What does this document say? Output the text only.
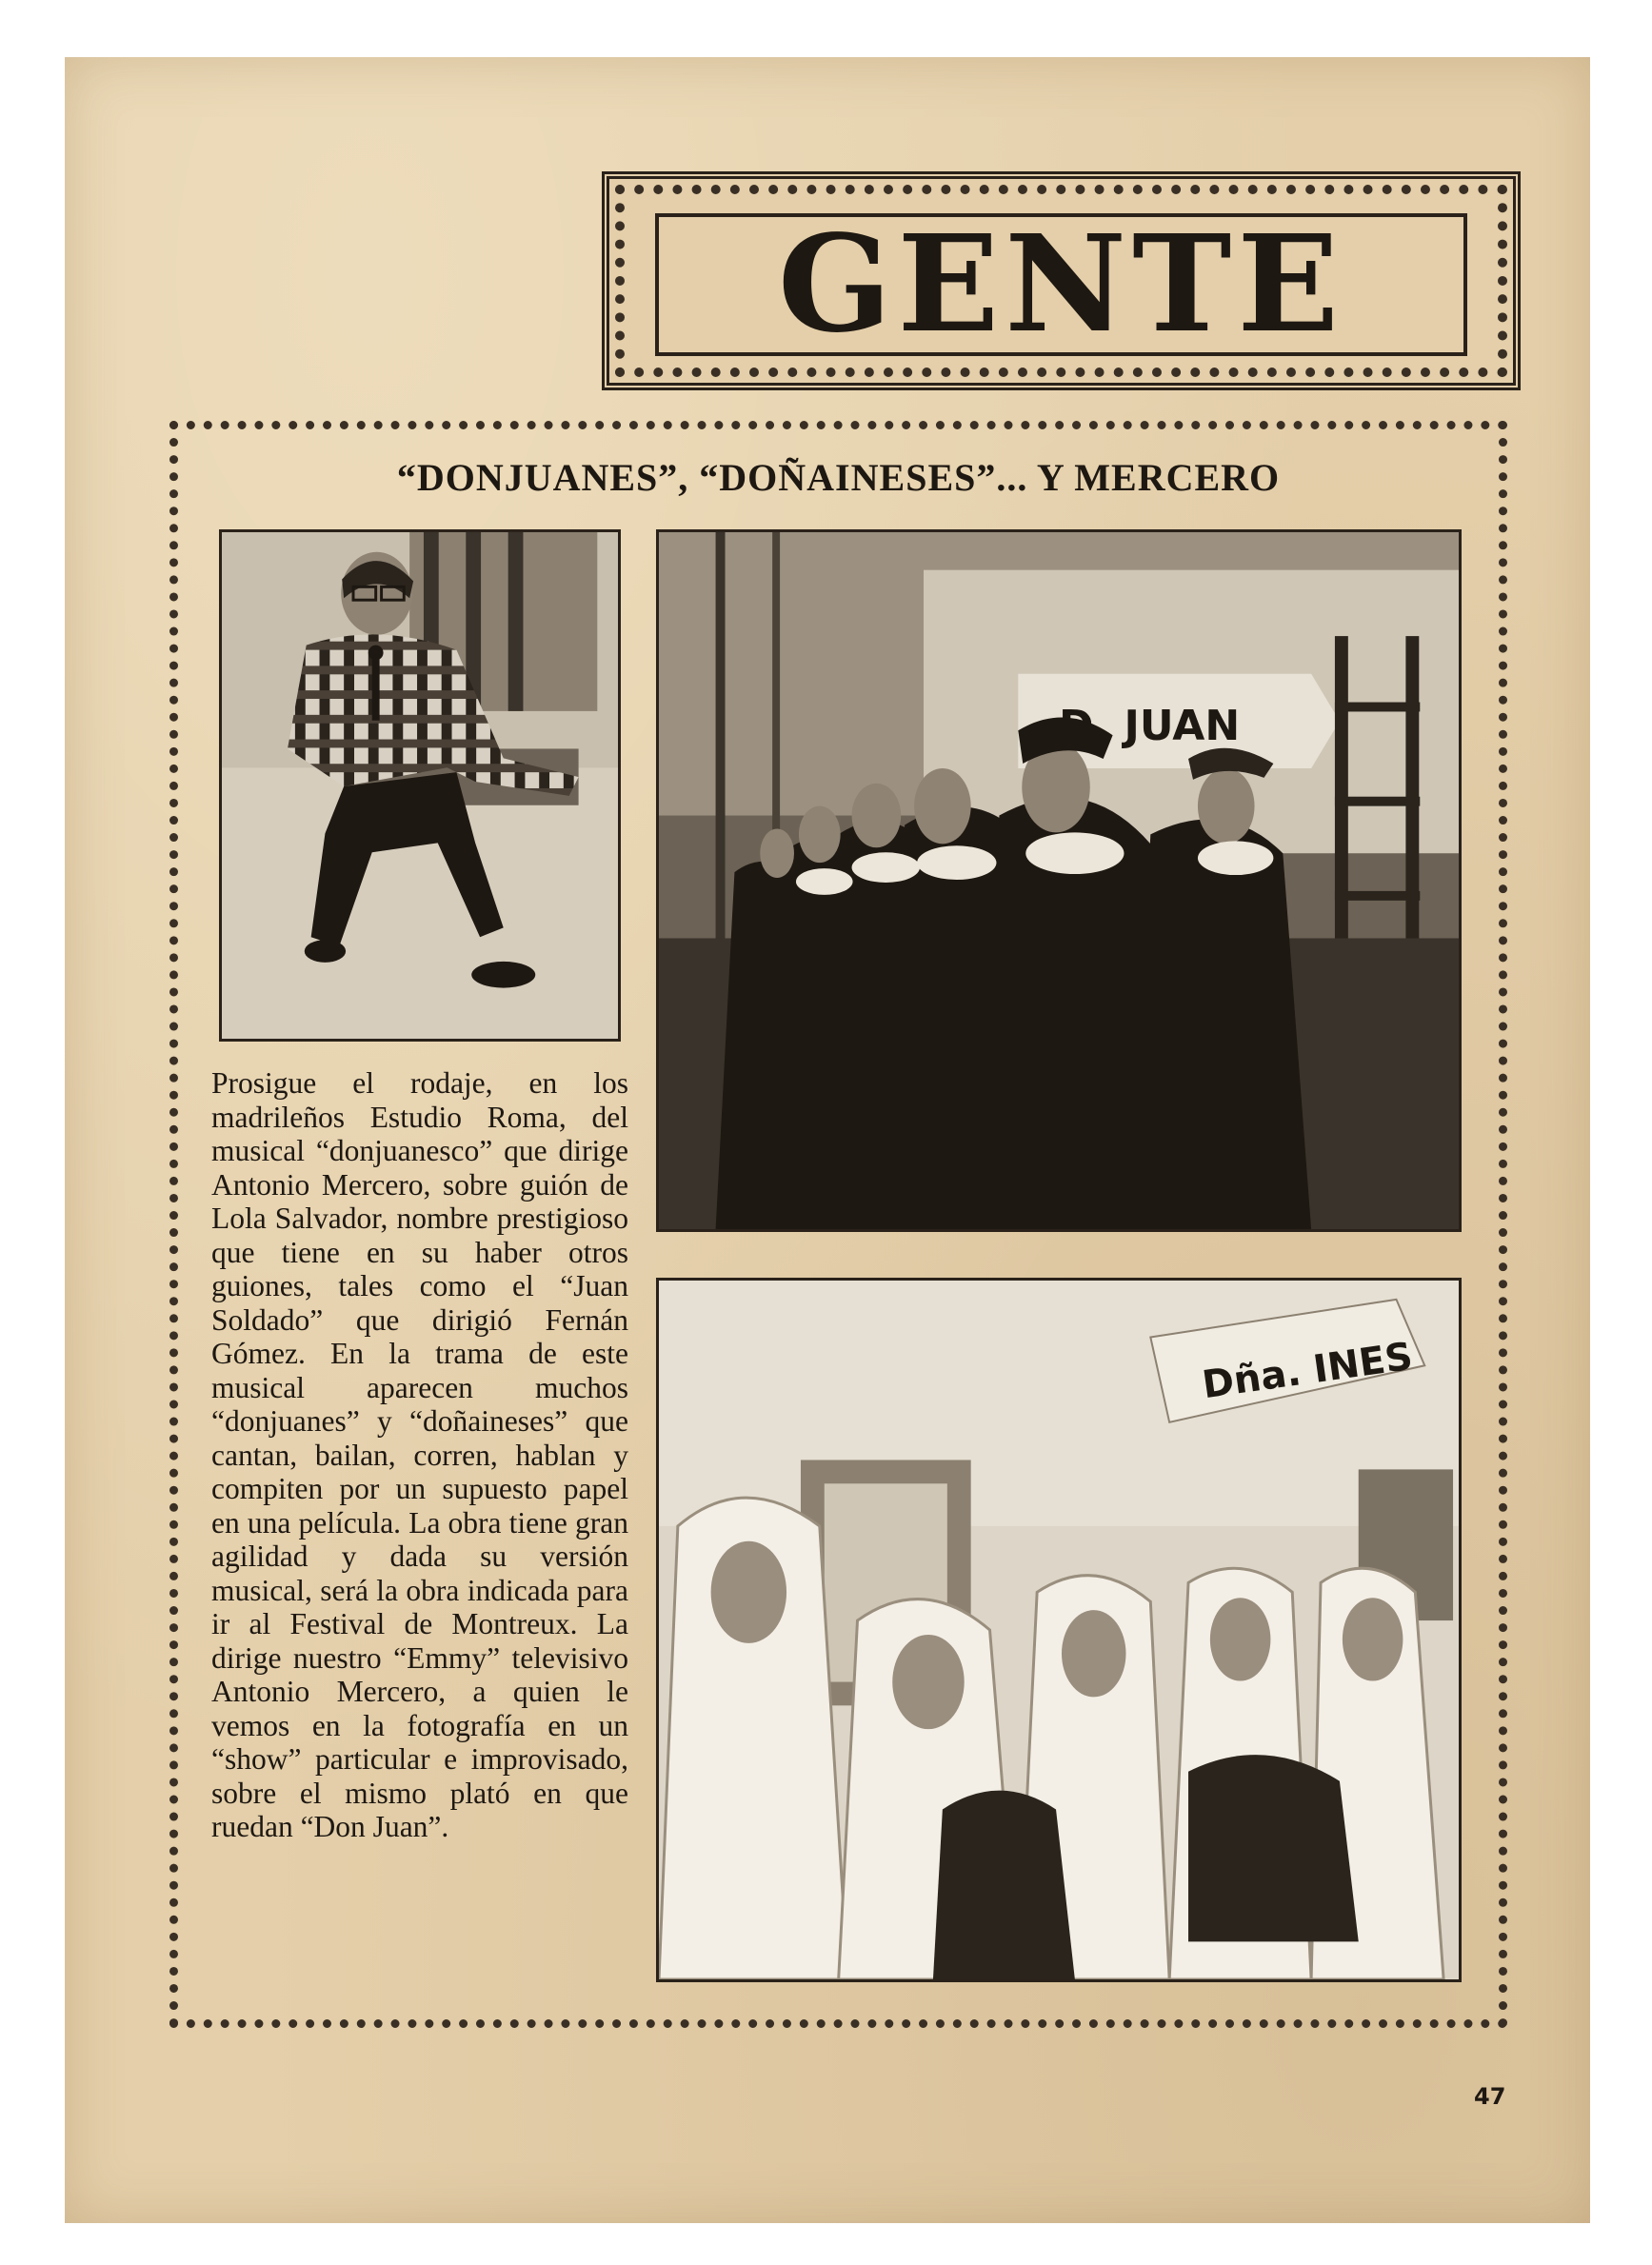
GENTE
“DONJUANES”, “DOÑAINESES”... Y MERCERO
D. JUAN
Dña. INES

Prosigue el rodaje, en los madrileños Estudio Roma, del musical “donjuanesco” que dirige Antonio Mercero, sobre guión de Lola Salvador, nombre prestigioso que tiene en su haber otros guiones, tales como el “Juan Soldado” que dirigió Fernán Gómez. En la trama de este musical aparecen muchos “donjuanes” y “doñaineses” que cantan, bailan, corren, hablan y compiten por un supuesto papel en una película. La obra tiene gran agilidad y dada su versión musical, será la obra indicada para ir al Festival de Montreux. La dirige nuestro “Emmy” televisivo Antonio Mercero, a quien le vemos en la fotografía en un “show” particular e improvisado, sobre el mismo plató en que ruedan “Don Juan”.

47
